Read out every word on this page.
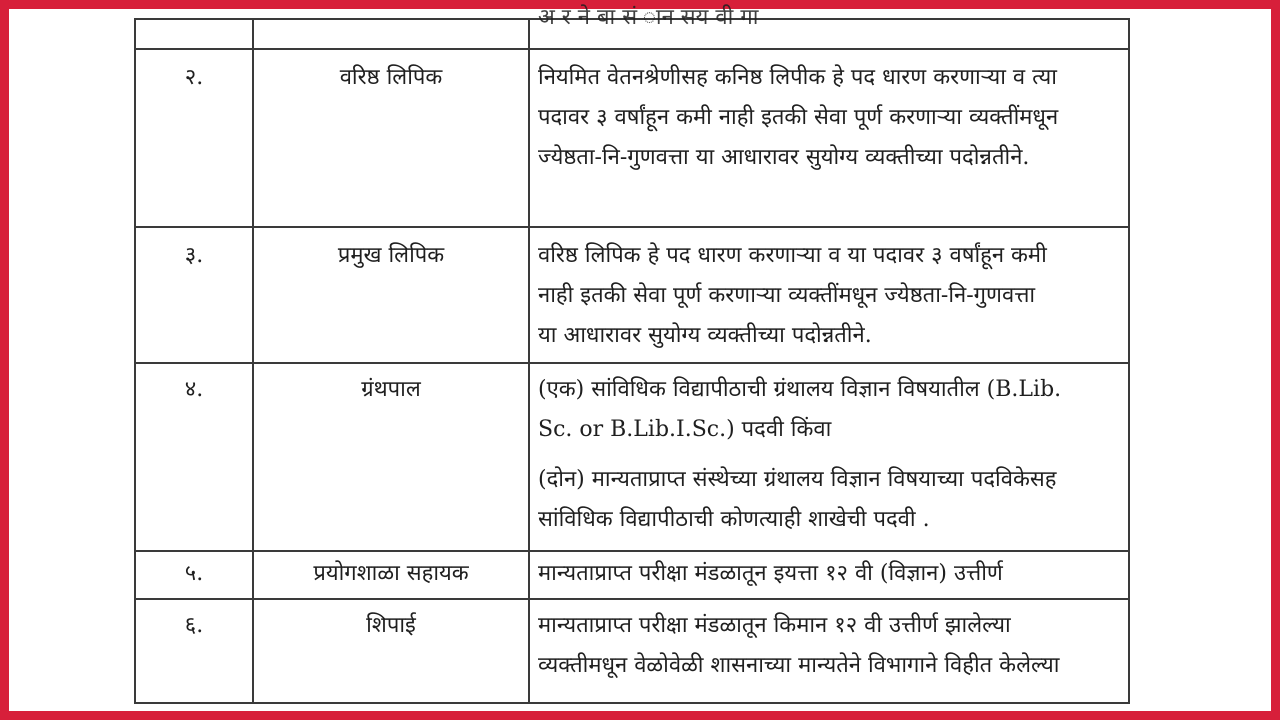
		अ र ने बा सं ान सय वी गा

२.	वरिष्ठ लिपिक	नियमित वेतनश्रेणीसह कनिष्ठ लिपीक हे पद धारण करणाऱ्या व त्या
पदावर ३ वर्षांहून कमी नाही इतकी सेवा पूर्ण करणाऱ्या व्यक्तींमधून
ज्येष्ठता-नि-गुणवत्ता या आधारावर सुयोग्य व्यक्तीच्या पदोन्नतीने.

३.	प्रमुख लिपिक	वरिष्ठ लिपिक हे पद धारण करणाऱ्या व या पदावर ३ वर्षांहून कमी
नाही इतकी सेवा पूर्ण करणाऱ्या व्यक्तींमधून ज्येष्ठता-नि-गुणवत्ता
या आधारावर सुयोग्य व्यक्तीच्या पदोन्नतीने.

४.	ग्रंथपाल	(एक) सांविधिक विद्यापीठाची ग्रंथालय विज्ञान विषयातील (B.Lib.
Sc. or B.Lib.I.Sc.) पदवी किंवा
(दोन) मान्यताप्राप्त संस्थेच्या ग्रंथालय विज्ञान विषयाच्या पदविकेसह
सांविधिक विद्यापीठाची कोणत्याही शाखेची पदवी .

५.	प्रयोगशाळा सहायक	मान्यताप्राप्त परीक्षा मंडळातून इयत्ता १२ वी (विज्ञान) उत्तीर्ण

६.	शिपाई	मान्यताप्राप्त परीक्षा मंडळातून किमान १२ वी उत्तीर्ण झालेल्या
व्यक्तीमधून वेळोवेळी शासनाच्या मान्यतेने विभागाने विहीत केलेल्या
